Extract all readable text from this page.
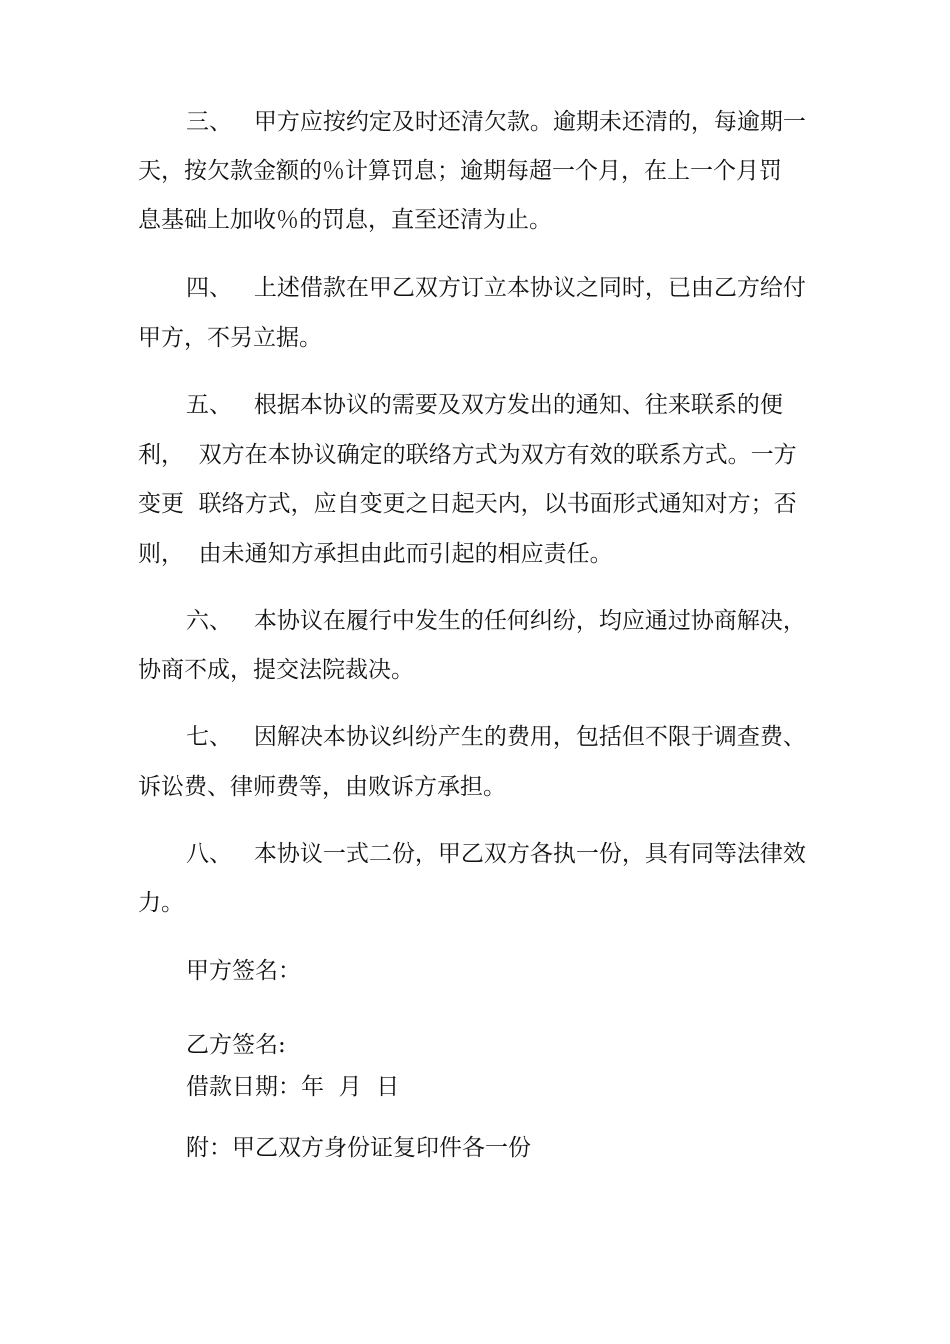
三、   甲方应按约定及时还清欠款。逾期未还清的，每逾期一
天，按欠款金额的％计算罚息；逾期每超一个月，在上一个月罚
息基础上加收％的罚息，直至还清为止。
四、   上述借款在甲乙双方订立本协议之同时，已由乙方给付
甲方，不另立据。
五、   根据本协议的需要及双方发出的通知、往来联系的便
利，  双方在本协议确定的联络方式为双方有效的联系方式。一方
变更  联络方式，应自变更之日起天内，以书面形式通知对方；否
则，  由未通知方承担由此而引起的相应责任。
六、   本协议在履行中发生的任何纠纷，均应通过协商解决，
协商不成，提交法院裁决。
七、   因解决本协议纠纷产生的费用，包括但不限于调查费、
诉讼费、律师费等，由败诉方承担。
八、   本协议一式二份，甲乙双方各执一份，具有同等法律效
力。
甲方签名：
乙方签名:
借款日期：年  月  日
附：甲乙双方身份证复印件各一份
